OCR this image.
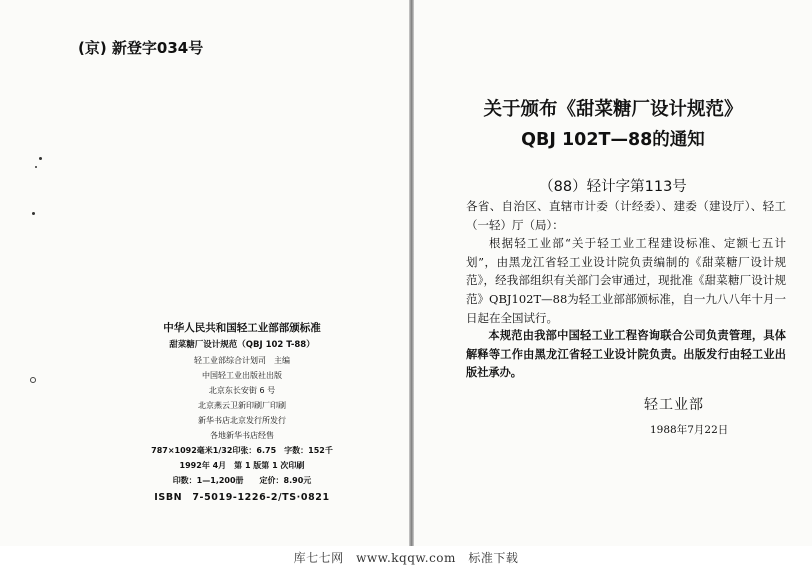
(京) 新登字034号
中华人民共和国轻工业部部颁标准
甜菜糖厂设计规范（QBJ 102 T-88）
轻工业部综合计划司　主编
中国轻工业出版社出版
北京东长安街 6 号
北京燕云卫新印刷厂印刷
新华书店北京发行所发行
各地新华书店经售
787×1092毫米1/32印张：6.75　字数：152千
1992年 4月　第 1 版第 1 次印刷
印数：1—1,200册　　定价：8.90元
ISBN　7-5019-1226-2/TS·0821
关于颁布《甜菜糖厂设计规范》
QBJ 102T—88的通知
（88）轻计字第113号

各省、自治区、直辖市计委（计经委）、建委（建设厅）、轻工（一轻）厅（局）：

根据轻工业部“关于轻工业工程建设标准、定额七五计划”，由黑龙江省轻工业设计院负责编制的《甜菜糖厂设计规范》，经我部组织有关部门会审通过，现批准《甜菜糖厂设计规范》QBJ102T—88为轻工业部部颁标准，自一九八八年十月一日起在全国试行。

本规范由我部中国轻工业工程咨询联合公司负责管理，具体解释等工作由黑龙江省轻工业设计院负责。出版发行由轻工业出版社承办。

轻工业部
1988年7月22日
库七七网　www.kqqw.com　标准下载
